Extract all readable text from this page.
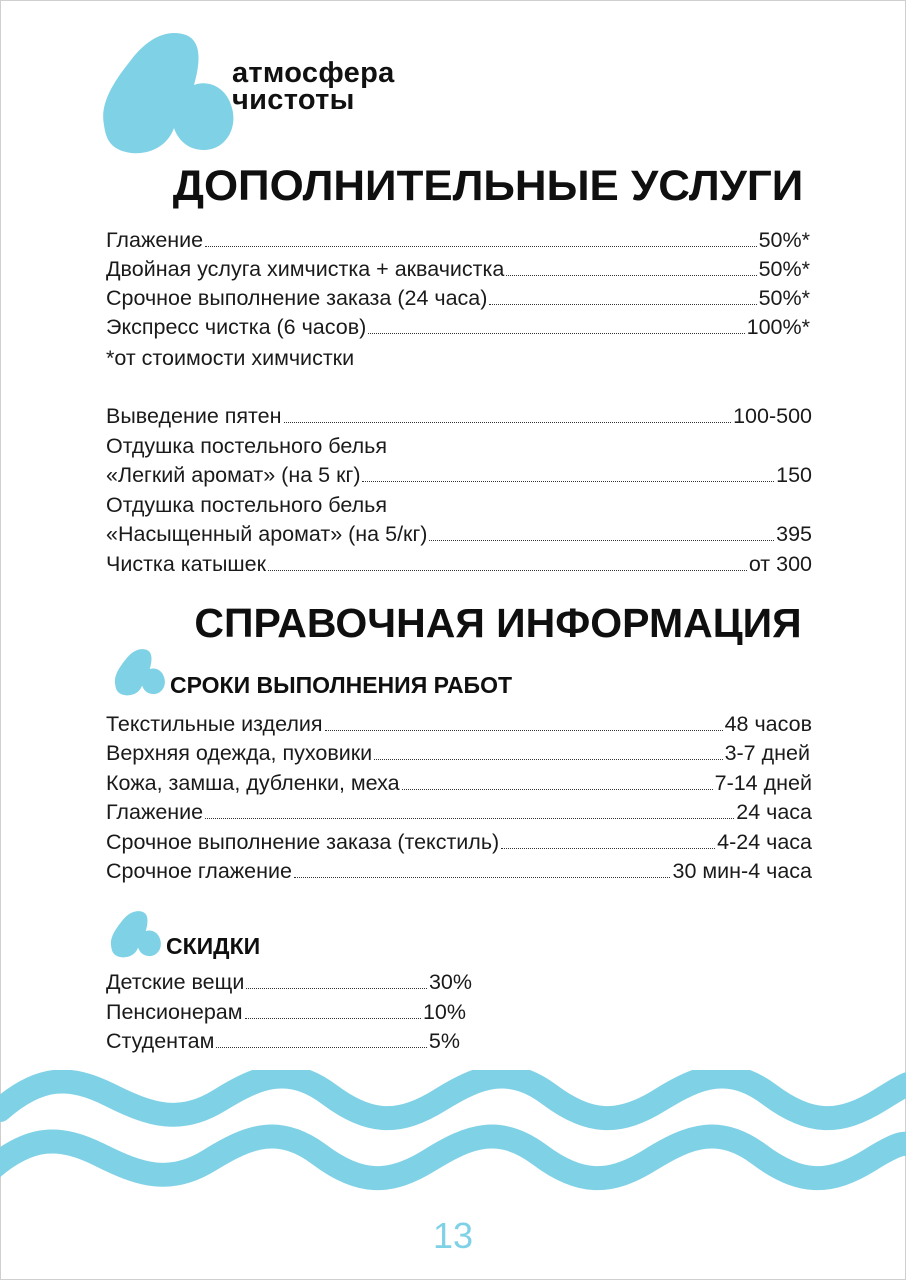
атмосфера
чистоты
ДОПОЛНИТЕЛЬНЫЕ УСЛУГИ
Глажение	50%*
Двойная услуга химчистка + аквачистка	50%*
Срочное выполнение заказа (24 часа)	50%*
Экспресс чистка (6 часов)	100%*
*от стоимости химчистки
Выведение пятен	100-500
Отдушка постельного белья
«Легкий аромат» (на 5 кг)	150
Отдушка постельного белья
«Насыщенный аромат» (на 5/кг)	395
Чистка катышек	от 300
СПРАВОЧНАЯ ИНФОРМАЦИЯ
СРОКИ ВЫПОЛНЕНИЯ РАБОТ
Текстильные изделия	48 часов
Верхняя одежда, пуховики	3-7 дней
Кожа, замша, дубленки, меха	7-14 дней
Глажение	24 часа
Срочное выполнение заказа (текстиль)	4-24 часа
Срочное глажение	30 мин-4 часа
СКИДКИ
Детские вещи	30%
Пенсионерам	10%
Студентам	5%
13
